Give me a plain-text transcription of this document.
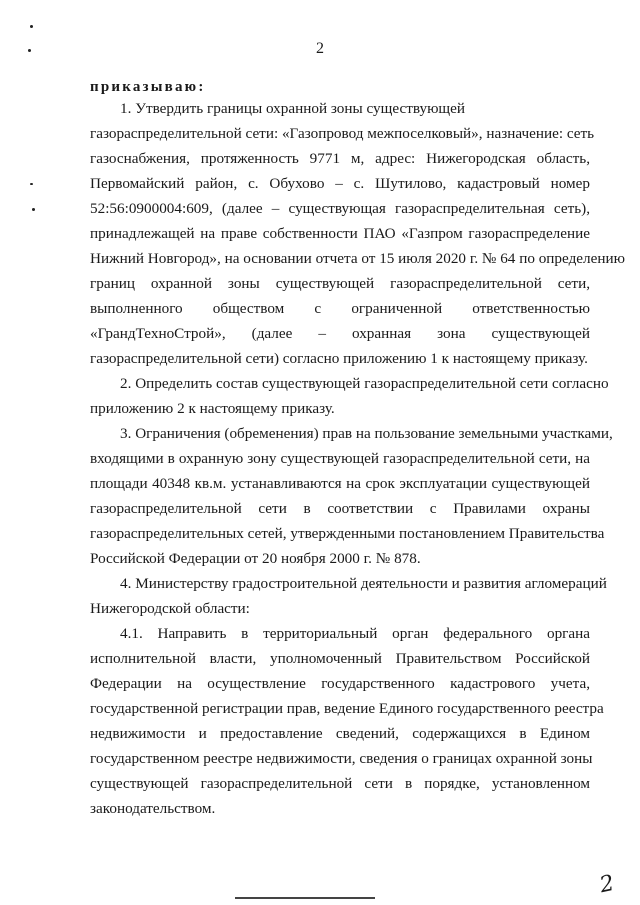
2
приказываю:
1. Утвердить границы охранной зоны существующей
газораспределительной сети: «Газопровод межпоселковый», назначение: сеть
газоснабжения, протяженность 9771 м, адрес: Нижегородская область,
Первомайский район, с. Обухово – с. Шутилово, кадастровый номер
52:56:0900004:609, (далее – существующая газораспределительная сеть),
принадлежащей на праве собственности ПАО «Газпром газораспределение
Нижний Новгород», на основании отчета от 15 июля 2020 г. № 64 по определению
границ охранной зоны существующей газораспределительной сети,
выполненного обществом с ограниченной ответственностью
«ГрандТехноСтрой», (далее – охранная зона существующей
газораспределительной сети) согласно приложению 1 к настоящему приказу.
2. Определить состав существующей газораспределительной сети согласно
приложению 2 к настоящему приказу.
3. Ограничения (обременения) прав на пользование земельными участками,
входящими в охранную зону существующей газораспределительной сети, на
площади 40348 кв.м. устанавливаются на срок эксплуатации существующей
газораспределительной сети в соответствии с Правилами охраны
газораспределительных сетей, утвержденными постановлением Правительства
Российской Федерации от 20 ноября 2000 г. № 878.
4. Министерству градостроительной деятельности и развития агломераций
Нижегородской области:
4.1. Направить в территориальный орган федерального органа
исполнительной власти, уполномоченный Правительством Российской
Федерации на осуществление государственного кадастрового учета,
государственной регистрации прав, ведение Единого государственного реестра
недвижимости и предоставление сведений, содержащихся в Едином
государственном реестре недвижимости, сведения о границах охранной зоны
существующей газораспределительной сети в порядке, установленном
законодательством.
2
